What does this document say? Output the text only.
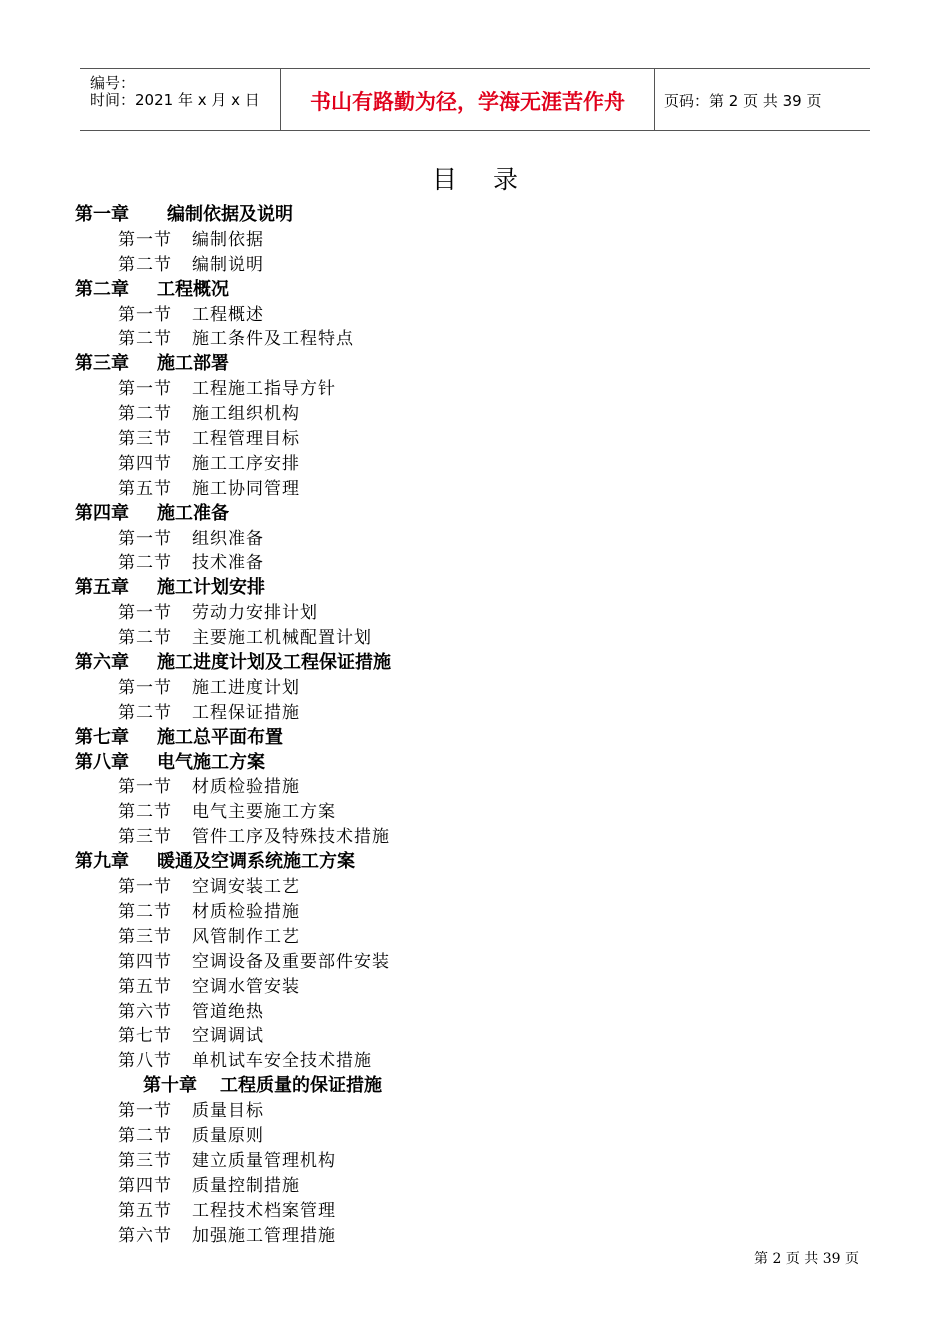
编号：
时间：2021 年 x 月 x 日	书山有路勤为径，学海无涯苦作舟	页码：第 2 页 共 39 页
目录
第一章 编制依据及说明
第一节 编制依据
第二节 编制说明
第二章 工程概况
第一节 工程概述
第二节 施工条件及工程特点
第三章 施工部署
第一节 工程施工指导方针
第二节 施工组织机构
第三节 工程管理目标
第四节 施工工序安排
第五节 施工协同管理
第四章 施工准备
第一节 组织准备
第二节 技术准备
第五章 施工计划安排
第一节 劳动力安排计划
第二节 主要施工机械配置计划
第六章 施工进度计划及工程保证措施
第一节 施工进度计划
第二节 工程保证措施
第七章 施工总平面布置
第八章 电气施工方案
第一节 材质检验措施
第二节 电气主要施工方案
第三节 管件工序及特殊技术措施
第九章 暖通及空调系统施工方案
第一节 空调安装工艺
第二节 材质检验措施
第三节 风管制作工艺
第四节 空调设备及重要部件安装
第五节 空调水管安装
第六节 管道绝热
第七节 空调调试
第八节 单机试车安全技术措施
第十章 工程质量的保证措施
第一节 质量目标
第二节 质量原则
第三节 建立质量管理机构
第四节 质量控制措施
第五节 工程技术档案管理
第六节 加强施工管理措施
第 2 页 共 39 页
